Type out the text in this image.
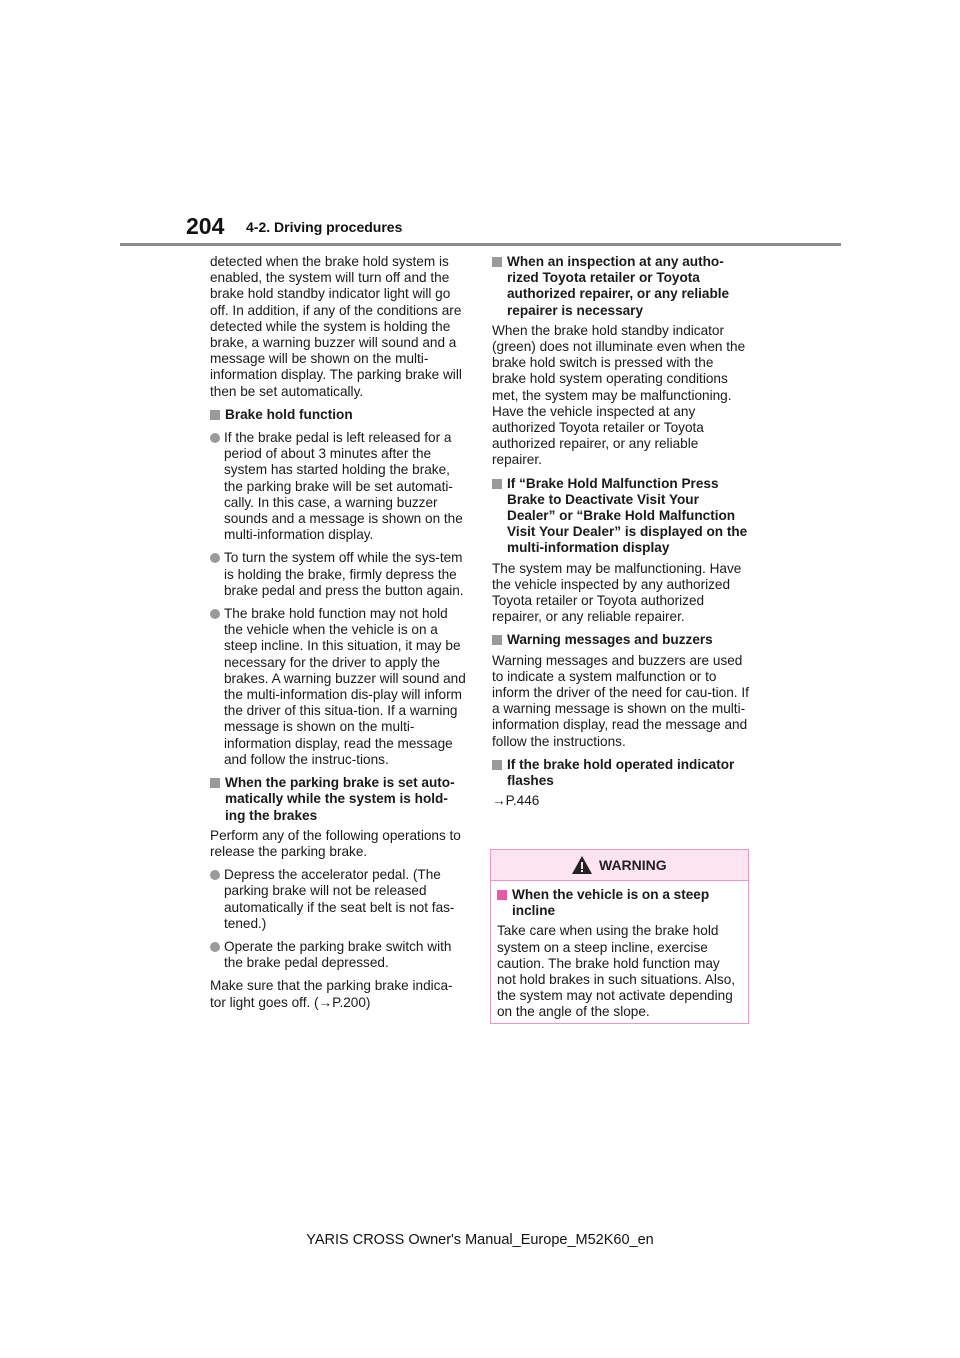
204 4-2. Driving procedures

detected when the brake hold system is enabled, the system will turn off and the brake hold standby indicator light will go off. In addition, if any of the conditions are detected while the system is holding the brake, a warning buzzer will sound and a message will be shown on the multi-information display. The parking brake will then be set automatically.

Brake hold function
If the brake pedal is left released for a period of about 3 minutes after the system has started holding the brake, the parking brake will be set automati-cally. In this case, a warning buzzer sounds and a message is shown on the multi-information display.
To turn the system off while the sys-tem is holding the brake, firmly depress the brake pedal and press the button again.
The brake hold function may not hold the vehicle when the vehicle is on a steep incline. In this situation, it may be necessary for the driver to apply the brakes. A warning buzzer will sound and the multi-information dis-play will inform the driver of this situa-tion. If a warning message is shown on the multi-information display, read the message and follow the instruc-tions.
When the parking brake is set auto-matically while the system is hold-ing the brakes

Perform any of the following operations to release the parking brake.

Depress the accelerator pedal. (The parking brake will not be released automatically if the seat belt is not fas-tened.)
Operate the parking brake switch with the brake pedal depressed.

Make sure that the parking brake indica-tor light goes off. (→P.200)

When an inspection at any autho-rized Toyota retailer or Toyota authorized repairer, or any reliable repairer is necessary

When the brake hold standby indicator (green) does not illuminate even when the brake hold switch is pressed with the brake hold system operating conditions met, the system may be malfunctioning. Have the vehicle inspected at any authorized Toyota retailer or Toyota authorized repairer, or any reliable repairer.

If “Brake Hold Malfunction Press Brake to Deactivate Visit Your Dealer” or “Brake Hold Malfunction Visit Your Dealer” is displayed on the multi-information display

The system may be malfunctioning. Have the vehicle inspected by any authorized Toyota retailer or Toyota authorized repairer, or any reliable repairer.

Warning messages and buzzers

Warning messages and buzzers are used to indicate a system malfunction or to inform the driver of the need for cau-tion. If a warning message is shown on the multi-information display, read the message and follow the instructions.

If the brake hold operated indicator flashes

→P.446

WARNING
When the vehicle is on a steep incline

Take care when using the brake hold system on a steep incline, exercise caution. The brake hold function may not hold brakes in such situations. Also, the system may not activate depending on the angle of the slope.

YARIS CROSS Owner's Manual_Europe_M52K60_en
